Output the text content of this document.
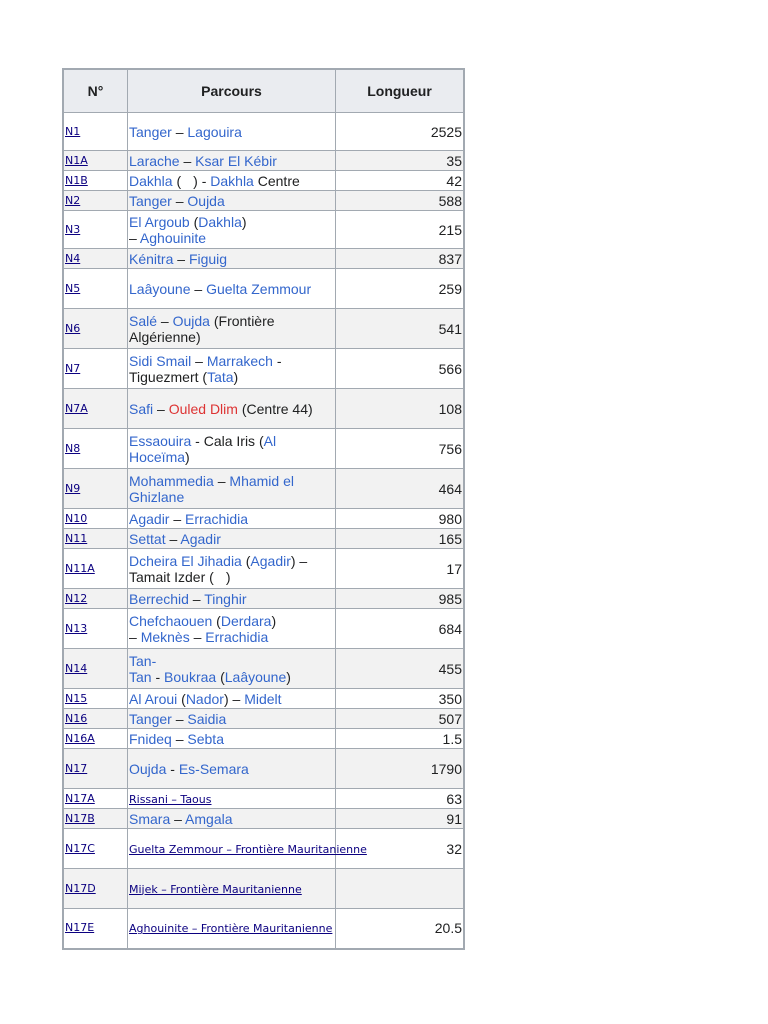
N°	Parcours	Longueur
N1	Tanger – Lagouira	2525
N1A	Larache – Ksar El Kébir	35
N1B	Dakhla ( ) - Dakhla Centre	42
N2	Tanger – Oujda	588
N3	El Argoub (Dakhla)
– Aghouinite	215
N4	Kénitra – Figuig	837
N5	Laâyoune – Guelta Zemmour	259
N6	Salé – Oujda (Frontière
Algérienne)	541
N7	Sidi Smail – Marrakech -
Tiguezmert (Tata)	566
N7A	Safi – Ouled Dlim (Centre 44)	108
N8	Essaouira - Cala Iris (Al
Hoceïma)	756
N9	Mohammedia – Mhamid el
Ghizlane	464
N10	Agadir – Errachidia	980
N11	Settat – Agadir	165
N11A	Dcheira El Jihadia (Agadir) –
Tamait Izder ( )	17
N12	Berrechid – Tinghir	985
N13	Chefchaouen (Derdara)
– Meknès – Errachidia	684
N14	Tan-
Tan - Boukraa (Laâyoune)	455
N15	Al Aroui (Nador) – Midelt	350
N16	Tanger – Saidia	507
N16A	Fnideq – Sebta	1.5
N17	Oujda - Es-Semara	1790
N17A	Rissani – Taous	63
N17B	Smara – Amgala	91
N17C	Guelta Zemmour – Frontière Mauritanienne	32
N17D	Mijek – Frontière Mauritanienne	
N17E	Aghouinite – Frontière Mauritanienne	20.5
